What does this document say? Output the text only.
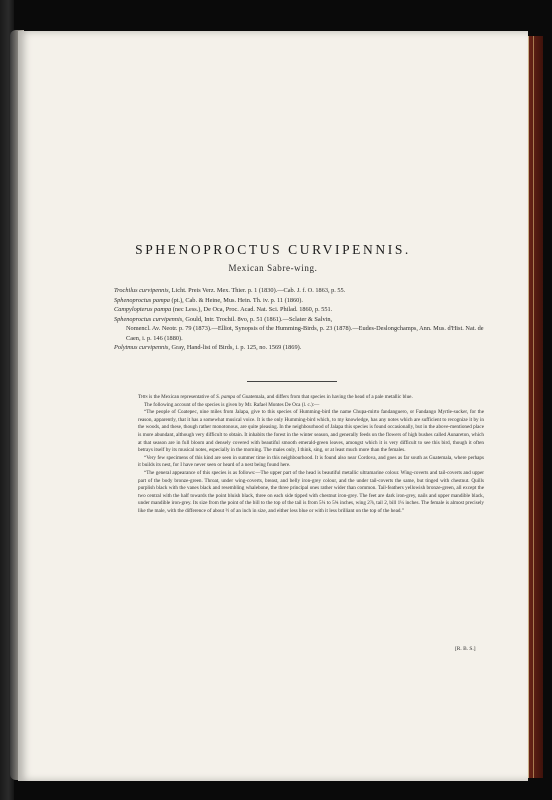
SPHENOPROCTUS CURVIPENNIS.
Mexican Sabre-wing.
Trochilus curvipennis, Licht. Preis Verz. Mex. Thier. p. 1 (1830).—Cab. J. f. O. 1863, p. 55.
Sphenoproctus pampa (pt.), Cab. & Heine, Mus. Hein. Th. iv. p. 11 (1860).
Campylopterus pampa (nec Less.), De Oca, Proc. Acad. Nat. Sci. Philad. 1860, p. 551.
Sphenoproctus curvipennis, Gould, Intr. Trochil. 8vo, p. 51 (1861).—Sclater & Salvin,
Nomencl. Av. Neotr. p. 79 (1873).—Elliot, Synopsis of the Humming-Birds, p. 23 (1878).—Eudes-Deslongchamps, Ann. Mus. d'Hist. Nat. de Caen, i. p. 146 (1880).
Polytmus curvipennis, Gray, Hand-list of Birds, i. p. 125, no. 1569 (1869).

This is the Mexican representative of S. pampa of Guatemala, and differs from that species in having the head of a pale metallic blue.

The following account of the species is given by Mr. Rafael Montes De Oca (l. c.):—

“The people of Coatepec, nine miles from Jalapa, give to this species of Humming-bird the name Chupa-mirto fandanguero, or Fandango Myrtle-sucker, for the reason, apparently, that it has a somewhat musical voice. It is the only Humming-bird which, to my knowledge, has any notes which are sufficient to recognize it by in the woods, and these, though rather monotonous, are quite pleasing. In the neighbourhood of Jalapa this species is found occasionally, but in the above-mentioned place is more abundant, although very difficult to obtain. It inhabits the forest in the winter season, and generally feeds on the flowers of high bushes called Aunareton, which at that season are in full bloom and densely covered with beautiful smooth emerald-green leaves, amongst which it is very difficult to see this bird, though it often betrays itself by its musical notes, especially in the morning. The males only, I think, sing, or at least much more than the females.

“Very few specimens of this kind are seen in summer time in this neighbourhood. It is found also near Cordova, and goes as far south as Guatemala, where perhaps it builds its nest, for I have never seen or heard of a nest being found here.

“The general appearance of this species is as follows:—The upper part of the head is beautiful metallic ultramarine colour. Wing-coverts and tail-coverts and upper part of the body bronze-green. Throat, under wing-coverts, breast, and belly iron-grey colour, and the under tail-coverts the same, but tinged with chestnut. Quills purplish black with the vanes black and resembling whalebone, the three principal ones rather wider than common. Tail-feathers yellowish bronze-green, all except the two central with the half towards the point bluish black, three on each side tipped with chestnut iron-grey. The feet are dark iron-grey, nails and upper mandible black, under mandible iron-grey. Its size from the point of the bill to the top of the tail is from 5¼ to 5¾ inches, wing 2⅞, tail 2, bill 1¼ inches. The female is almost precisely like the male, with the difference of about ½ of an inch in size, and either less blue or with it less brilliant on the top of the head.”

[R. B. S.]
